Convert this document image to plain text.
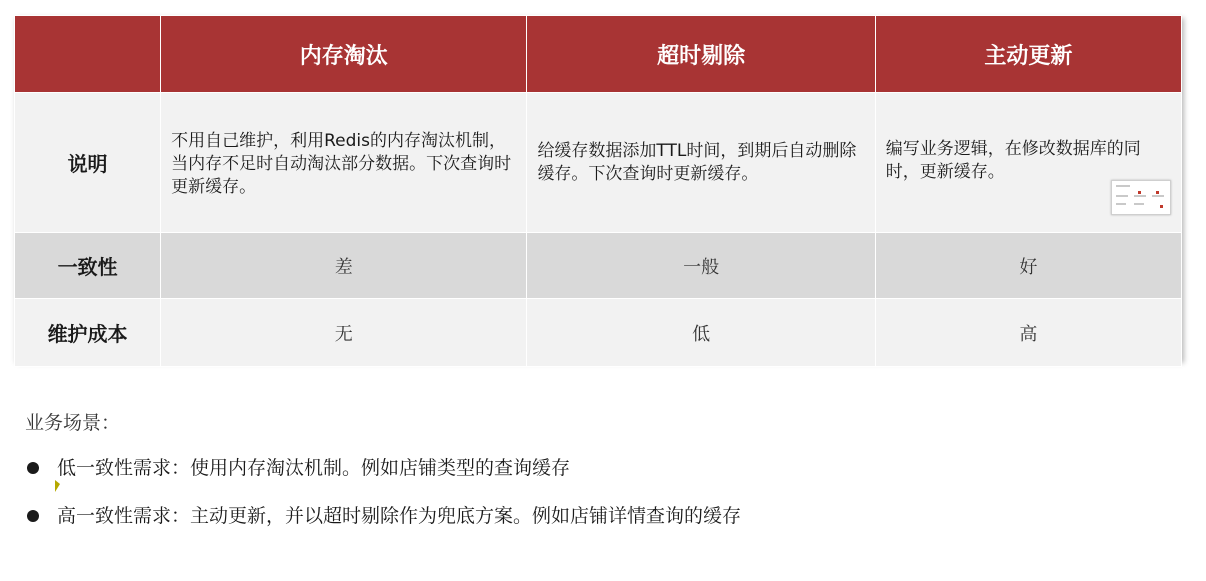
	内存淘汰	超时剔除	主动更新
说明	不用自己维护，利用Redis的内存淘汰机制，当内存不足时自动淘汰部分数据。下次查询时更新缓存。	给缓存数据添加TTL时间，到期后自动删除缓存。下次查询时更新缓存。	编写业务逻辑，在修改数据库的同时，更新缓存。

一致性	差	一般	好
维护成本	无	低	高
业务场景：
低一致性需求：使用内存淘汰机制。例如店铺类型的查询缓存
高一致性需求：主动更新，并以超时剔除作为兜底方案。例如店铺详情查询的缓存
